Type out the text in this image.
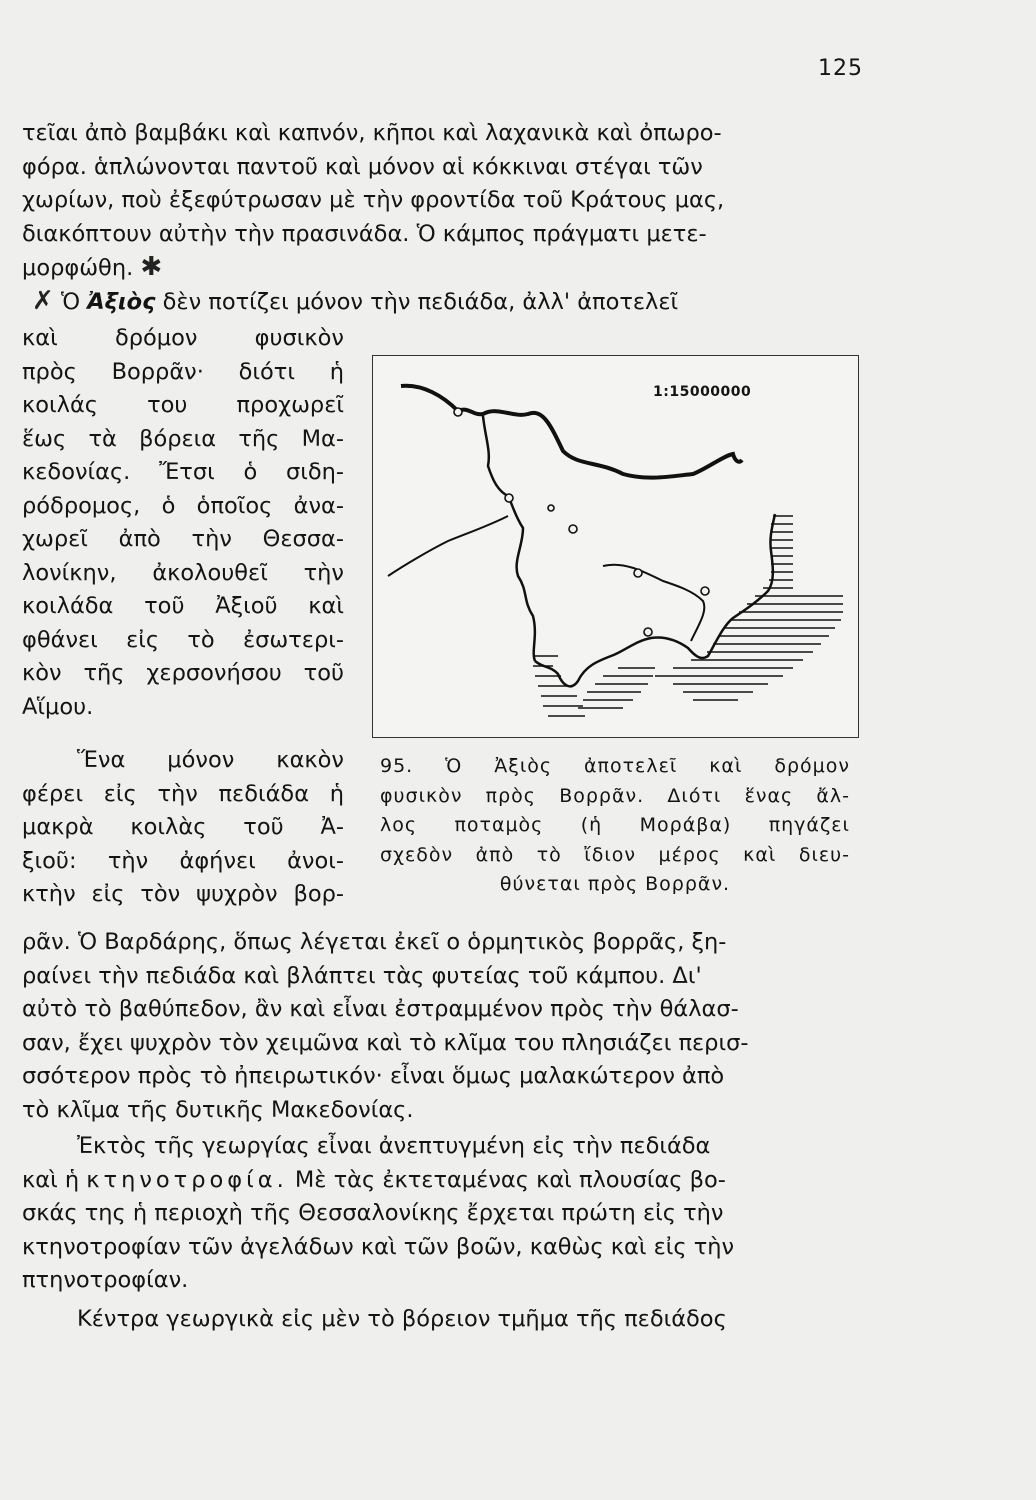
125
τεῖαι ἀπὸ βαμβάκι καὶ καπνόν, κῆποι καὶ λαχανικὰ καὶ ὀπωρο-
φόρα. ἁπλώνονται παντοῦ καὶ μόνον αἱ κόκκιναι στέγαι τῶν
χωρίων, ποὺ ἐξεφύτρωσαν μὲ τὴν φροντίδα τοῦ Κράτους μας,
διακόπτουν αὐτὴν τὴν πρασινάδα. Ὁ κάμπος πράγματι μετε-
μορφώθη. ✱
✗ Ὁ Ἀξιὸς δὲν ποτίζει μόνον τὴν πεδιάδα, ἀλλ' ἀποτελεῖ
καὶ δρόμον φυσικὸν
πρὸς Βορρᾶν· διότι ἡ
κοιλάς του προχωρεῖ
ἕως τὰ βόρεια τῆς Μα-
κεδονίας. Ἔτσι ὁ σιδη-
ρόδρομος, ὁ ὁποῖος ἀνα-
χωρεῖ ἀπὸ τὴν Θεσσα-
λονίκην, ἀκολουθεῖ τὴν
κοιλάδα τοῦ Ἀξιοῦ καὶ
φθάνει εἰς τὸ ἐσωτερι-
κὸν τῆς χερσονήσου τοῦ
Αἵμου.
Ἕνα μόνον κακὸν
φέρει εἰς τὴν πεδιάδα ἡ
μακρὰ κοιλὰς τοῦ Ἀ-
ξιοῦ: τὴν ἀφήνει ἀνοι-
κτὴν εἰς τὸν ψυχρὸν βορ-
1:15000000
95. Ὁ Ἀξιὸς ἀποτελεῖ καὶ δρόμον
φυσικὸν πρὸς Βορρᾶν. Διότι ἕνας ἄλ-
λος ποταμὸς (ἡ Μοράβα) πηγάζει
σχεδὸν ἀπὸ τὸ ἴδιον μέρος καὶ διευ-
θύνεται πρὸς Βορρᾶν.
ρᾶν. Ὁ Βαρδάρης, ὅπως λέγεται ἐκεῖ ο ὁρμητικὸς βορρᾶς, ξη-
ραίνει τὴν πεδιάδα καὶ βλάπτει τὰς φυτείας τοῦ κάμπου. Δι'
αὐτὸ τὸ βαθύπεδον, ἂν καὶ εἶναι ἐστραμμένον πρὸς τὴν θάλασ-
σαν, ἔχει ψυχρὸν τὸν χειμῶνα καὶ τὸ κλῖμα του πλησιάζει περισ-
σσότερον πρὸς τὸ ἠπειρωτικόν· εἶναι ὅμως μαλακώτερον ἀπὸ
τὸ κλῖμα τῆς δυτικῆς Μακεδονίας.
Ἐκτὸς τῆς γεωργίας εἶναι ἀνεπτυγμένη εἰς τὴν πεδιάδα
καὶ ἡ κτηνοτροφία. Μὲ τὰς ἐκτεταμένας καὶ πλουσίας βο-
σκάς της ἡ περιοχὴ τῆς Θεσσαλονίκης ἔρχεται πρώτη εἰς τὴν
κτηνοτροφίαν τῶν ἀγελάδων καὶ τῶν βοῶν, καθὼς καὶ εἰς τὴν
πτηνοτροφίαν.
Κέντρα γεωργικὰ εἰς μὲν τὸ βόρειον τμῆμα τῆς πεδιάδος
